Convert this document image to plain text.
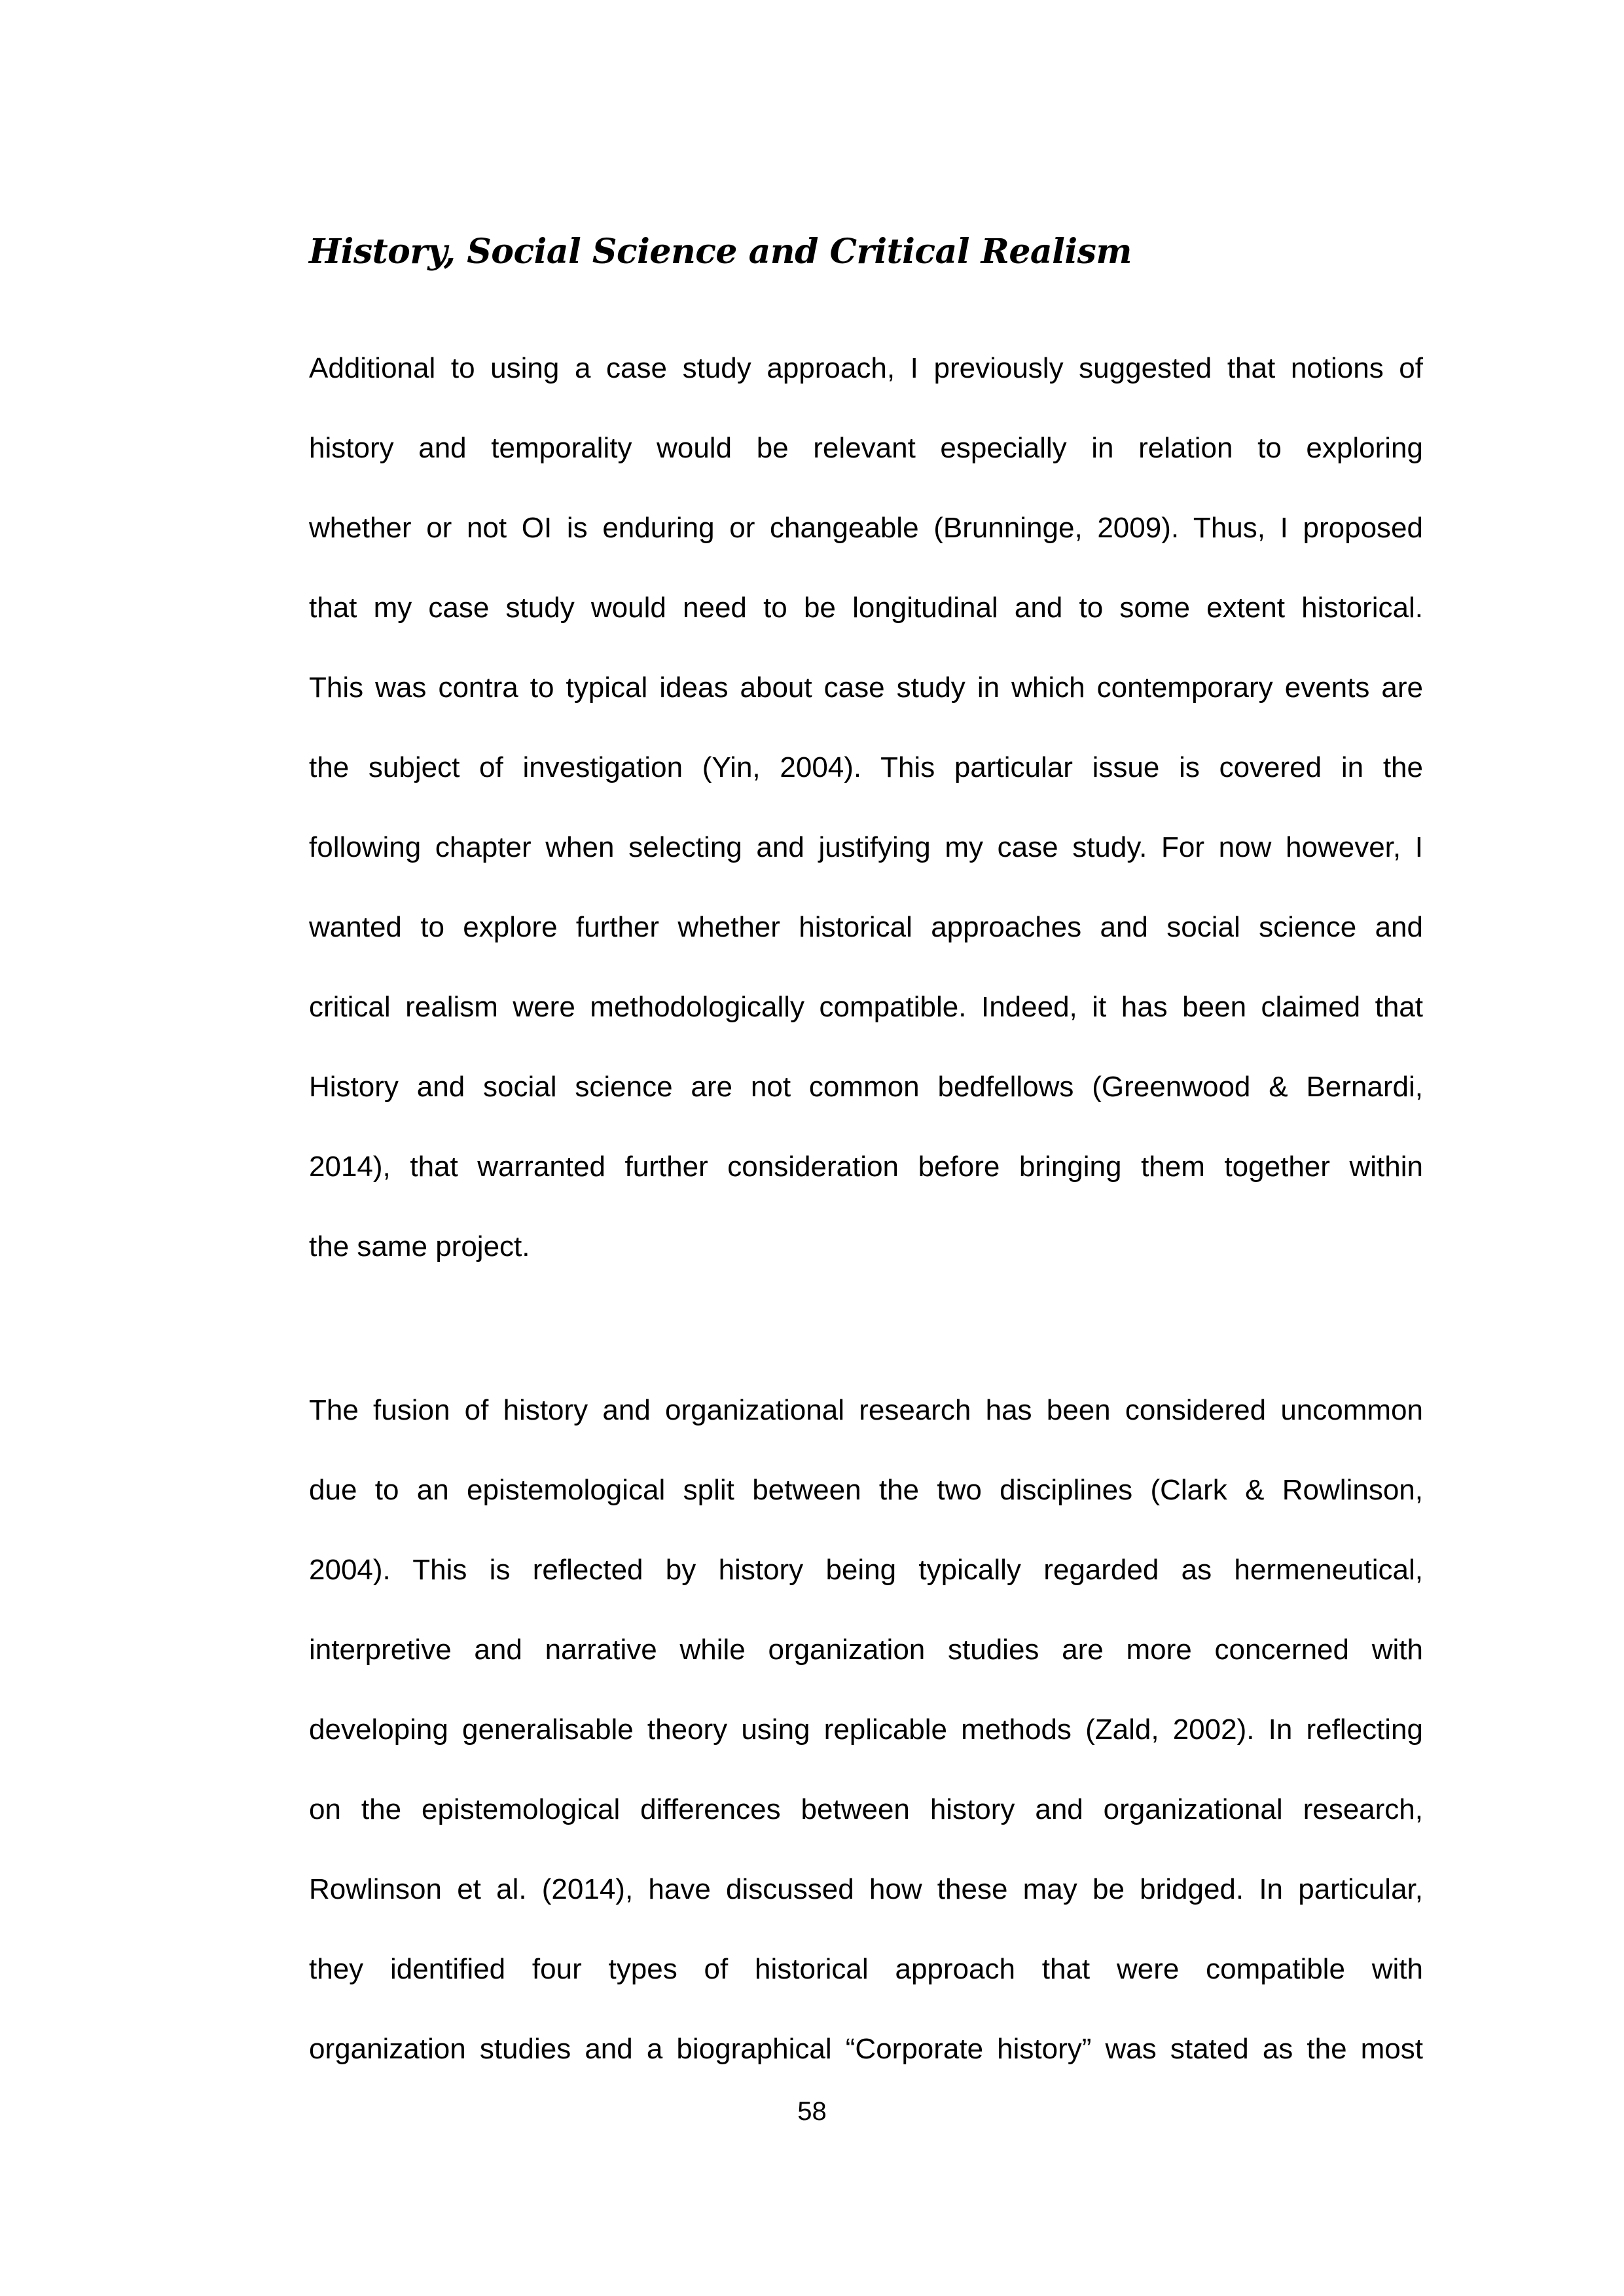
History, Social Science and Critical Realism
Additional to using a case study approach, I previously suggested that notions of
history and temporality would be relevant especially in relation to exploring
whether or not OI is enduring or changeable (Brunninge, 2009). Thus, I proposed
that my case study would need to be longitudinal and to some extent historical.
This was contra to typical ideas about case study in which contemporary events are
the subject of investigation (Yin, 2004). This particular issue is covered in the
following chapter when selecting and justifying my case study. For now however, I
wanted to explore further whether historical approaches and social science and
critical realism were methodologically compatible. Indeed, it has been claimed that
History and social science are not common bedfellows (Greenwood & Bernardi,
2014), that warranted further consideration before bringing them together within
the same project.
The fusion of history and organizational research has been considered uncommon
due to an epistemological split between the two disciplines (Clark & Rowlinson,
2004). This is reflected by history being typically regarded as hermeneutical,
interpretive and narrative while organization studies are more concerned with
developing generalisable theory using replicable methods (Zald, 2002). In reflecting
on the epistemological differences between history and organizational research,
Rowlinson et al. (2014), have discussed how these may be bridged. In particular,
they identified four types of historical approach that were compatible with
organization studies and a biographical “Corporate history” was stated as the most
58
